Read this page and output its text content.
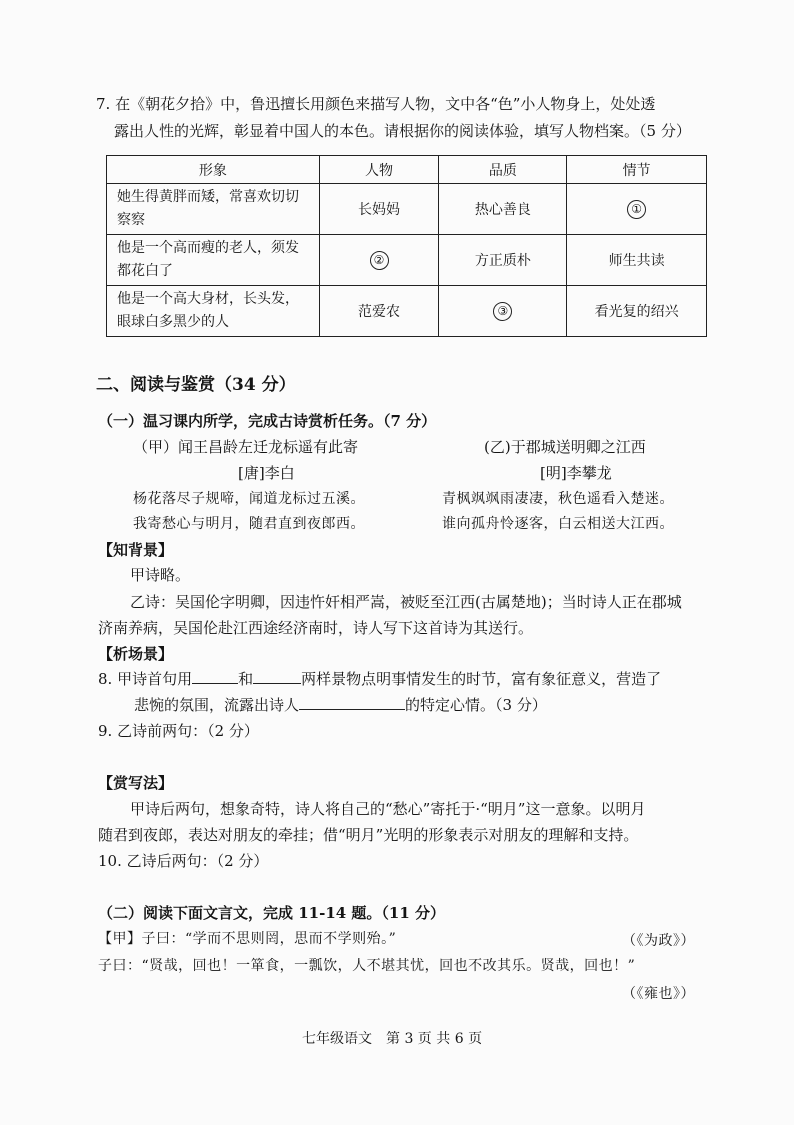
7. 在《朝花夕拾》中，鲁迅擅长用颜色来描写人物，文中各“色”小人物身上，处处透
露出人性的光辉，彰显着中国人的本色。请根据你的阅读体验，填写人物档案。（5 分）
形象	人物	品质	情节

她生得黄胖而矮，常喜欢切切
察察	长妈妈	热心善良	①

他是一个高而瘦的老人，须发
都花白了	②	方正质朴	师生共读

他是一个高大身材，长头发，
眼球白多黑少的人	范爱农	③	看光复的绍兴
二、阅读与鉴赏（34 分）
（一）温习课内所学，完成古诗赏析任务。（7 分）
（甲）闻王昌龄左迁龙标遥有此寄
[唐]李白
杨花落尽子规啼，闻道龙标过五溪。
我寄愁心与明月，随君直到夜郎西。
(乙)于郡城送明卿之江西
[明]李攀龙
青枫飒飒雨凄凄，秋色遥看入楚迷。
谁向孤舟怜逐客，白云相送大江西。
【知背景】
甲诗略。
乙诗：吴国伦字明卿，因违忤奸相严嵩，被贬至江西(古属楚地)；当时诗人正在郡城
济南养病，吴国伦赴江西途经济南时，诗人写下这首诗为其送行。
【析场景】
8. 甲诗首句用	和	两样景物点明事情发生的时节，富有象征意义，营造了
悲惋的氛围，流露出诗人	的特定心情。（3 分）
9. 乙诗前两句：（2 分）
【赏写法】
甲诗后两句，想象奇特，诗人将自己的“愁心”寄托于·“明月”这一意象。以明月
随君到夜郎，表达对朋友的牵挂；借“明月”光明的形象表示对朋友的理解和支持。
10. 乙诗后两句：（2 分）
（二）阅读下面文言文，完成 11-14 题。（11 分）
【甲】子曰：“学而不思则罔，思而不学则殆。”	（《为政》）
子曰：“贤哉，回也！一箪食，一瓢饮，人不堪其忧，回也不改其乐。贤哉，回也！”
（《雍也》）
七年级语文　第 3 页 共 6 页
